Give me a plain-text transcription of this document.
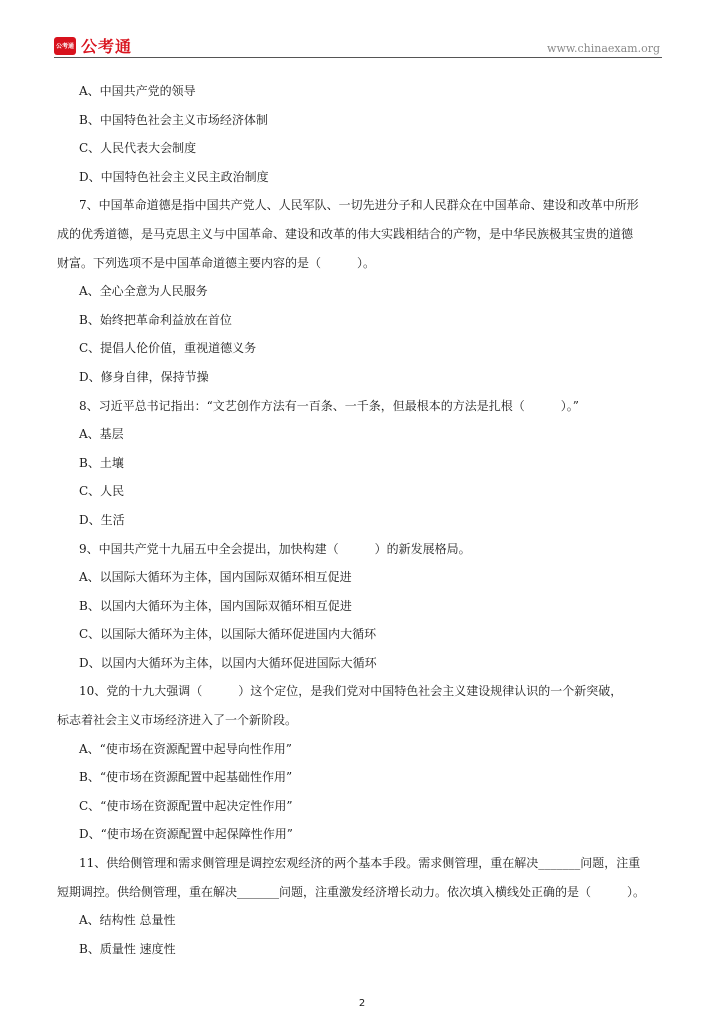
公考通 公考通	www.chinaexam.org
A、中国共产党的领导
B、中国特色社会主义市场经济体制
C、人民代表大会制度
D、中国特色社会主义民主政治制度
7、中国革命道德是指中国共产党人、人民军队、一切先进分子和人民群众在中国革命、建设和改革中所形
成的优秀道德，是马克思主义与中国革命、建设和改革的伟大实践相结合的产物，是中华民族极其宝贵的道德
财富。下列选项不是中国革命道德主要内容的是（　　　）。
A、全心全意为人民服务
B、始终把革命利益放在首位
C、提倡人伦价值，重视道德义务
D、修身自律，保持节操
8、习近平总书记指出：“文艺创作方法有一百条、一千条，但最根本的方法是扎根（　　　）。”
A、基层
B、土壤
C、人民
D、生活
9、中国共产党十九届五中全会提出，加快构建（　　　）的新发展格局。
A、以国际大循环为主体，国内国际双循环相互促进
B、以国内大循环为主体，国内国际双循环相互促进
C、以国际大循环为主体，以国际大循环促进国内大循环
D、以国内大循环为主体，以国内大循环促进国际大循环
10、党的十九大强调（　　　）这个定位，是我们党对中国特色社会主义建设规律认识的一个新突破，
标志着社会主义市场经济进入了一个新阶段。
A、“使市场在资源配置中起导向性作用”
B、“使市场在资源配置中起基础性作用”
C、“使市场在资源配置中起决定性作用”
D、“使市场在资源配置中起保障性作用”
11、供给侧管理和需求侧管理是调控宏观经济的两个基本手段。需求侧管理，重在解决_______问题，注重
短期调控。供给侧管理，重在解决_______问题，注重激发经济增长动力。依次填入横线处正确的是（　　　）。
A、结构性 总量性
B、质量性 速度性
2
